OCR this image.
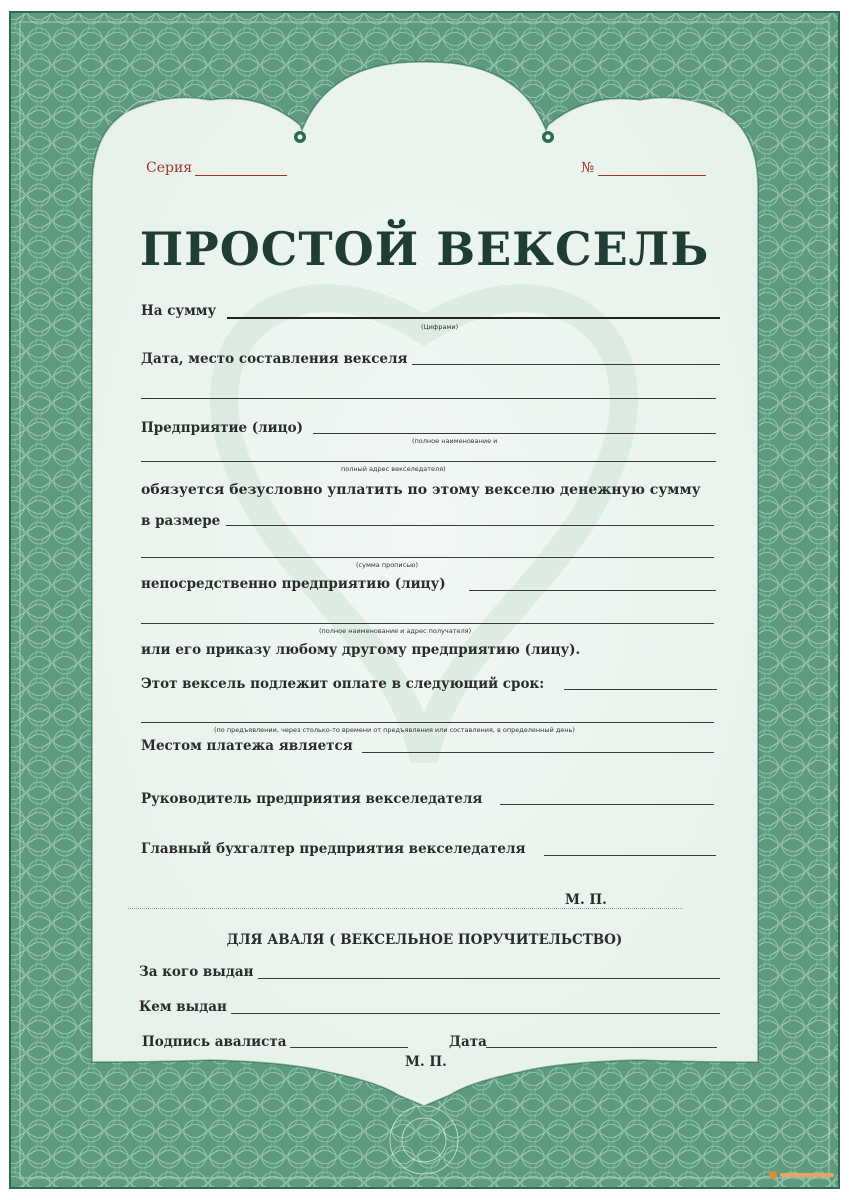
Серия	№
ПРОСТОЙ ВЕКСЕЛЬ
На сумму
(Цифрами)
Дата, место составления векселя
Предприятие (лицо)
(полное наименование и
полный адрес векселедателя)
обязуется безусловно уплатить по этому векселю денежную сумму
в размере
(сумма прописью)
непосредственно предприятию (лицу)
(полное наименование и адрес получателя)
или его приказу любому другому предприятию (лицу).
Этот вексель подлежит оплате в следующий срок:
(по предъявлении, через столько-то времени от предъявления или составления, в определенный день)
Местом платежа является
Руководитель предприятия векселедателя
Главный бухгалтер предприятия векселедателя
М. П.
ДЛЯ АВАЛЯ ( ВЕКСЕЛЬНОЕ ПОРУЧИТЕЛЬСТВО)
За кого выдан
Кем выдан
Подпись авалиста	Дата
М. П.
